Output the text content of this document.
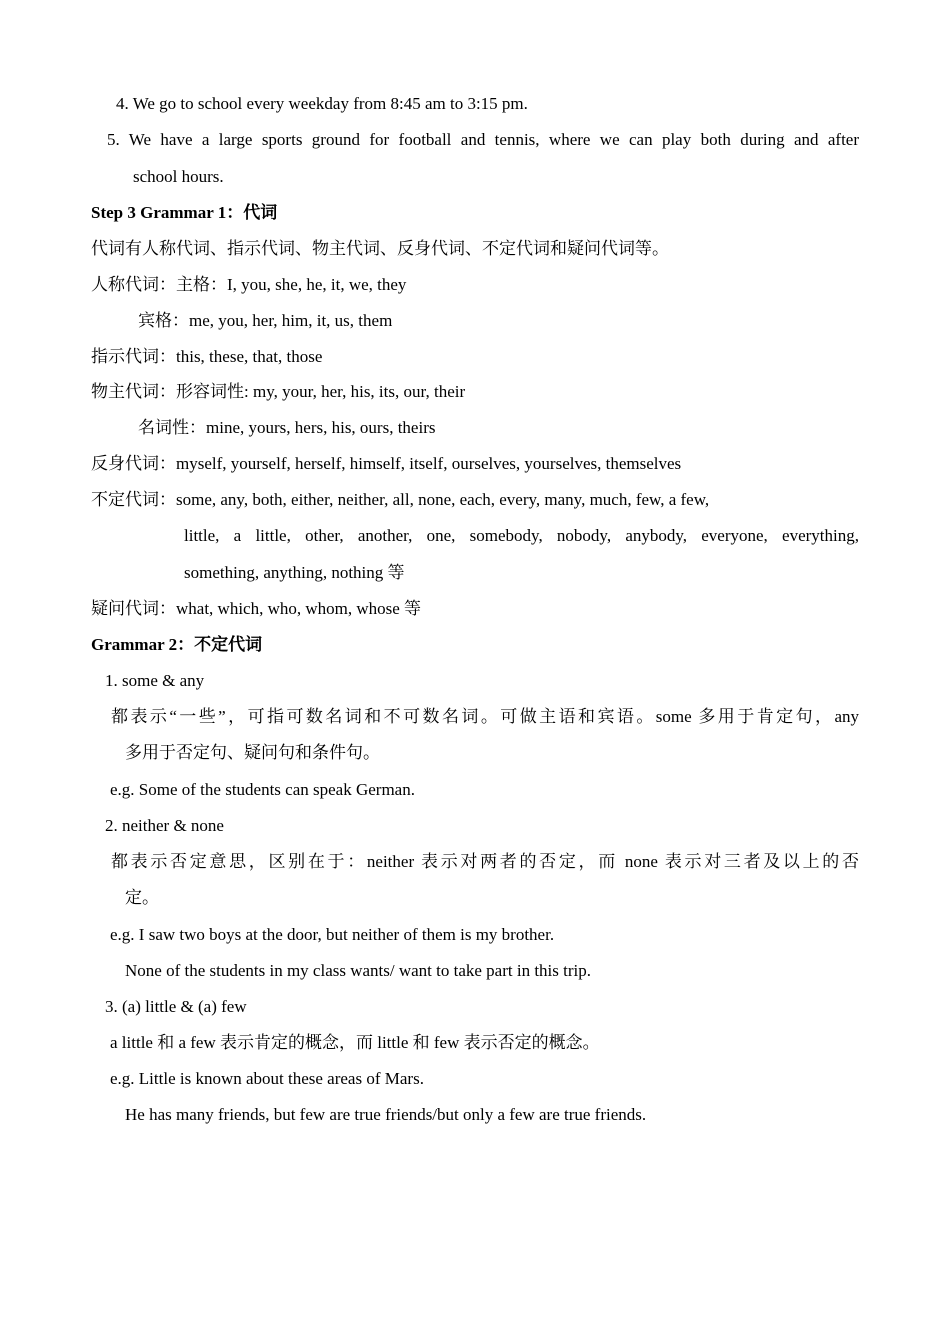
4. We go to school every weekday from 8:45 am to 3:15 pm.
5. We have a large sports ground for football and tennis, where we can play both during and after
school hours.
Step 3 Grammar 1：代词
代词有人称代词、指示代词、物主代词、反身代词、不定代词和疑问代词等。
人称代词：主格：I, you, she, he, it, we, they
宾格：me, you, her, him, it, us, them
指示代词：this, these, that, those
物主代词：形容词性: my, your, her, his, its, our, their
名词性：mine, yours, hers, his, ours, theirs
反身代词：myself, yourself, herself, himself, itself, ourselves, yourselves, themselves
不定代词：some, any, both, either, neither, all, none, each, every, many, much, few, a few,
little, a little, other, another, one, somebody, nobody, anybody, everyone, everything,
something, anything, nothing 等
疑问代词：what, which, who, whom, whose 等
Grammar 2：不定代词
1. some & any
都表示“一些”，可指可数名词和不可数名词。可做主语和宾语。some 多用于肯定句，any
多用于否定句、疑问句和条件句。
e.g. Some of the students can speak German.
2. neither & none
都表示否定意思，区别在于：neither 表示对两者的否定，而 none 表示对三者及以上的否
定。
e.g. I saw two boys at the door, but neither of them is my brother.
None of the students in my class wants/ want to take part in this trip.
3. (a) little & (a) few
a little 和 a few 表示肯定的概念，而 little 和 few 表示否定的概念。
e.g. Little is known about these areas of Mars.
He has many friends, but few are true friends/but only a few are true friends.
